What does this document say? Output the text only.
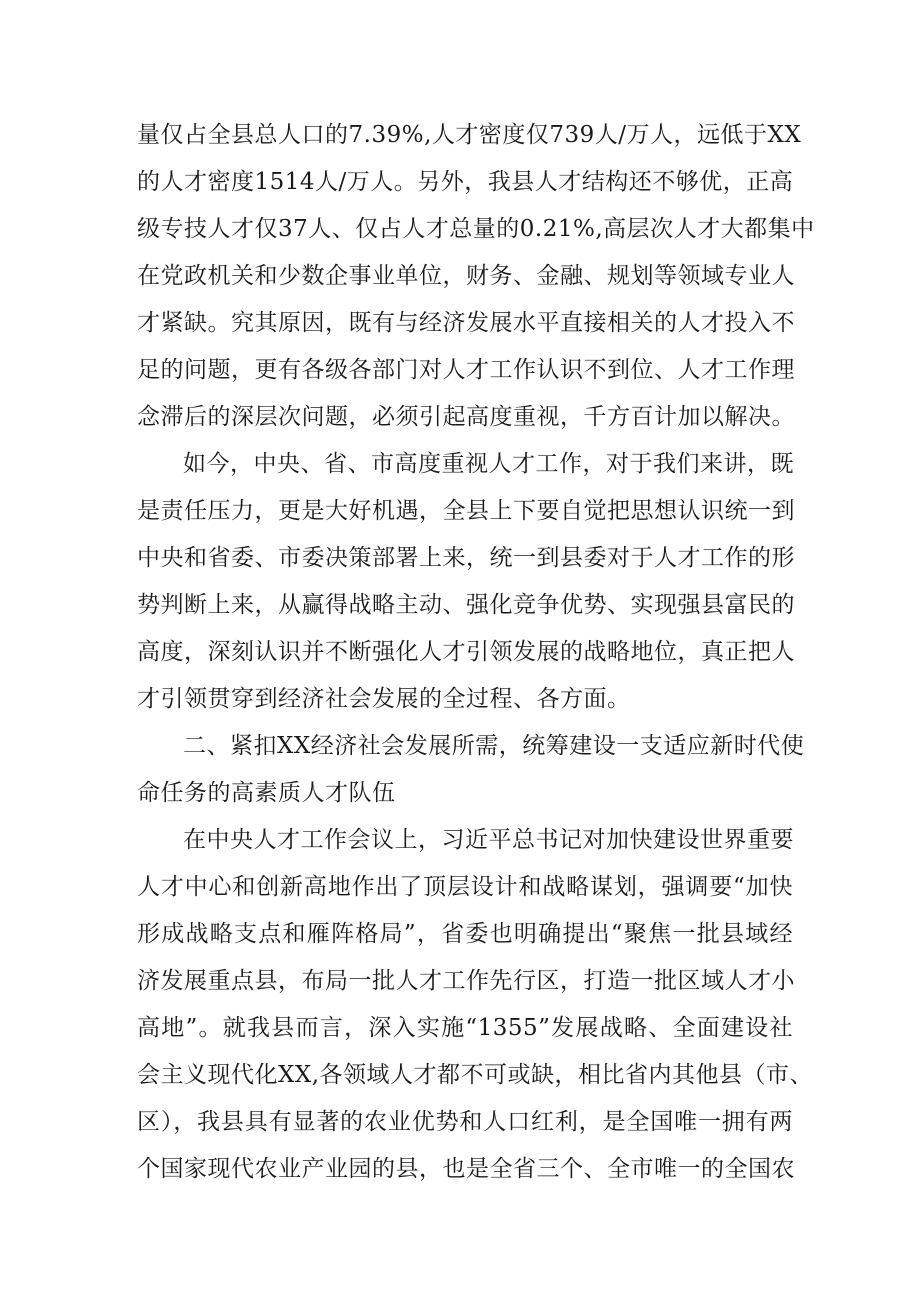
量仅占全县总人口的7.39%,人才密度仅739人/万人，远低于XX
的人才密度1514人/万人。另外，我县人才结构还不够优，正高
级专技人才仅37人、仅占人才总量的0.21%,高层次人才大都集中
在党政机关和少数企事业单位，财务、金融、规划等领域专业人
才紧缺。究其原因，既有与经济发展水平直接相关的人才投入不
足的问题，更有各级各部门对人才工作认识不到位、人才工作理
念滞后的深层次问题，必须引起高度重视，千方百计加以解决。
如今，中央、省、市高度重视人才工作，对于我们来讲，既
是责任压力，更是大好机遇，全县上下要自觉把思想认识统一到
中央和省委、市委决策部署上来，统一到县委对于人才工作的形
势判断上来，从赢得战略主动、强化竞争优势、实现强县富民的
高度，深刻认识并不断强化人才引领发展的战略地位，真正把人
才引领贯穿到经济社会发展的全过程、各方面。
二、紧扣XX经济社会发展所需，统筹建设一支适应新时代使
命任务的高素质人才队伍
在中央人才工作会议上，习近平总书记对加快建设世界重要
人才中心和创新高地作出了顶层设计和战略谋划，强调要“加快
形成战略支点和雁阵格局”，省委也明确提出“聚焦一批县域经
济发展重点县，布局一批人才工作先行区，打造一批区域人才小
高地”。就我县而言，深入实施“1355”发展战略、全面建设社
会主义现代化XX,各领域人才都不可或缺，相比省内其他县（市、
区），我县具有显著的农业优势和人口红利，是全国唯一拥有两
个国家现代农业产业园的县，也是全省三个、全市唯一的全国农
